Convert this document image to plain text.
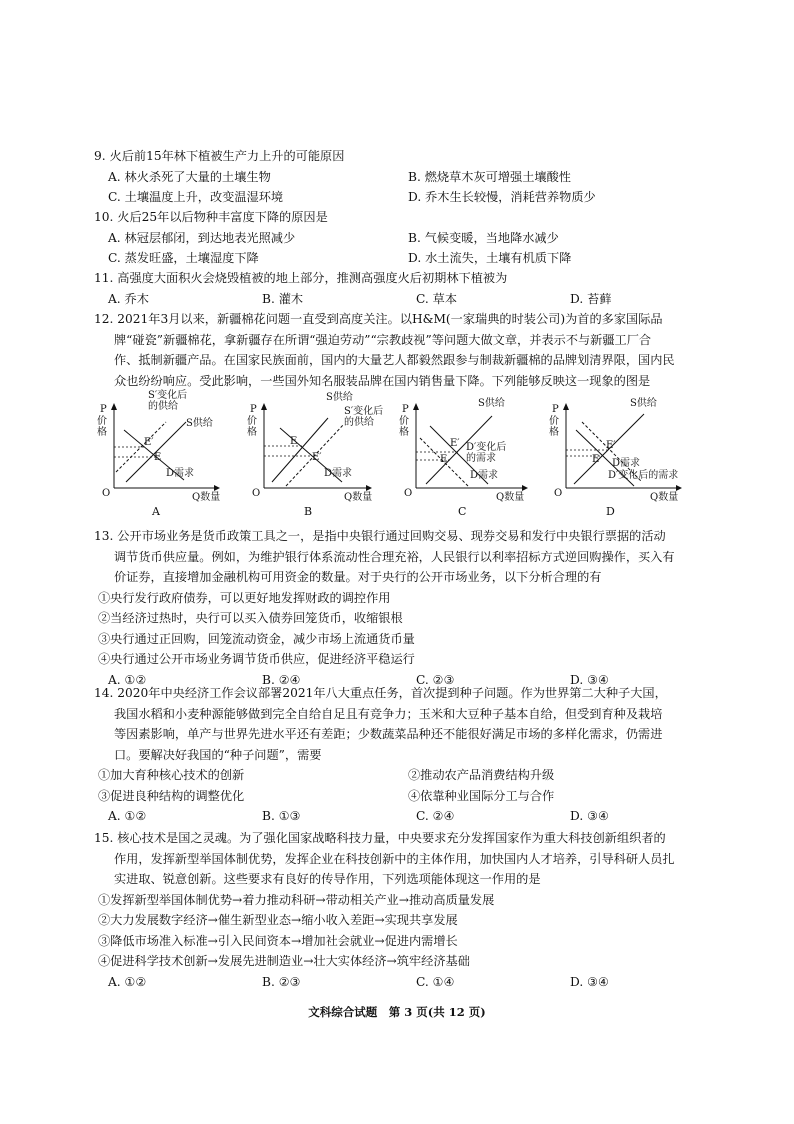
9. 火后前15年林下植被生产力上升的可能原因
A. 林火杀死了大量的土壤生物	B. 燃烧草木灰可增强土壤酸性
C. 土壤温度上升，改变温湿环境	D. 乔木生长较慢，消耗营养物质少
10. 火后25年以后物种丰富度下降的原因是
A. 林冠层郁闭，到达地表光照减少	B. 气候变暖，当地降水减少
C. 蒸发旺盛，土壤湿度下降	D. 水土流失，土壤有机质下降
11. 高强度大面积火会烧毁植被的地上部分，推测高强度火后初期林下植被为
A. 乔木	B. 灌木	C. 草本	D. 苔藓
12. 2021年3月以来，新疆棉花问题一直受到高度关注。以H&M(一家瑞典的时装公司)为首的多家国际品
牌“碰瓷”新疆棉花，拿新疆存在所谓“强迫劳动”“宗教歧视”等问题大做文章，并表示不与新疆工厂合
作、抵制新疆产品。在国家民族面前，国内的大量艺人都毅然跟参与制裁新疆棉的品牌划清界限，国内民
众也纷纷响应。受此影响，一些国外知名服装品牌在国内销售量下降。下列能够反映这一现象的图是
P
价格
O	Q数量
S′变化后的供给
S供给
D需求
E′
E
A
P
价格
O	Q数量
S供给
S′变化后的供给
D需求
E
E′
B
P
价格
O	Q数量
S供给
D′变化后的需求
D需求
E′
E
C
P
价格
O	Q数量
S供给
D需求
D′变化后的需求
E′
E
D
13. 公开市场业务是货币政策工具之一，是指中央银行通过回购交易、现券交易和发行中央银行票据的活动
调节货币供应量。例如，为维护银行体系流动性合理充裕，人民银行以利率招标方式逆回购操作，买入有
价证券，直接增加金融机构可用资金的数量。对于央行的公开市场业务，以下分析合理的有
①央行发行政府债券，可以更好地发挥财政的调控作用
②当经济过热时，央行可以买入债券回笼货币，收缩银根
③央行通过正回购，回笼流动资金，减少市场上流通货币量
④央行通过公开市场业务调节货币供应，促进经济平稳运行
A. ①②	B. ②④	C. ②③	D. ③④
14. 2020年中央经济工作会议部署2021年八大重点任务，首次提到种子问题。作为世界第二大种子大国，
我国水稻和小麦种源能够做到完全自给自足且有竞争力；玉米和大豆种子基本自给，但受到育种及栽培
等因素影响，单产与世界先进水平还有差距；少数蔬菜品种还不能很好满足市场的多样化需求，仍需进
口。要解决好我国的“种子问题”，需要
①加大育种核心技术的创新	②推动农产品消费结构升级
③促进良种结构的调整优化	④依靠种业国际分工与合作
A. ①②	B. ①③	C. ②④	D. ③④
15. 核心技术是国之灵魂。为了强化国家战略科技力量，中央要求充分发挥国家作为重大科技创新组织者的
作用，发挥新型举国体制优势，发挥企业在科技创新中的主体作用，加快国内人才培养，引导科研人员扎
实进取、锐意创新。这些要求有良好的传导作用，下列选项能体现这一作用的是
①发挥新型举国体制优势→着力推动科研→带动相关产业→推动高质量发展
②大力发展数字经济→催生新型业态→缩小收入差距→实现共享发展
③降低市场准入标准→引入民间资本→增加社会就业→促进内需增长
④促进科学技术创新→发展先进制造业→壮大实体经济→筑牢经济基础
A. ①②	B. ②③	C. ①④	D. ③④
文科综合试题　第 3 页(共 12 页)
